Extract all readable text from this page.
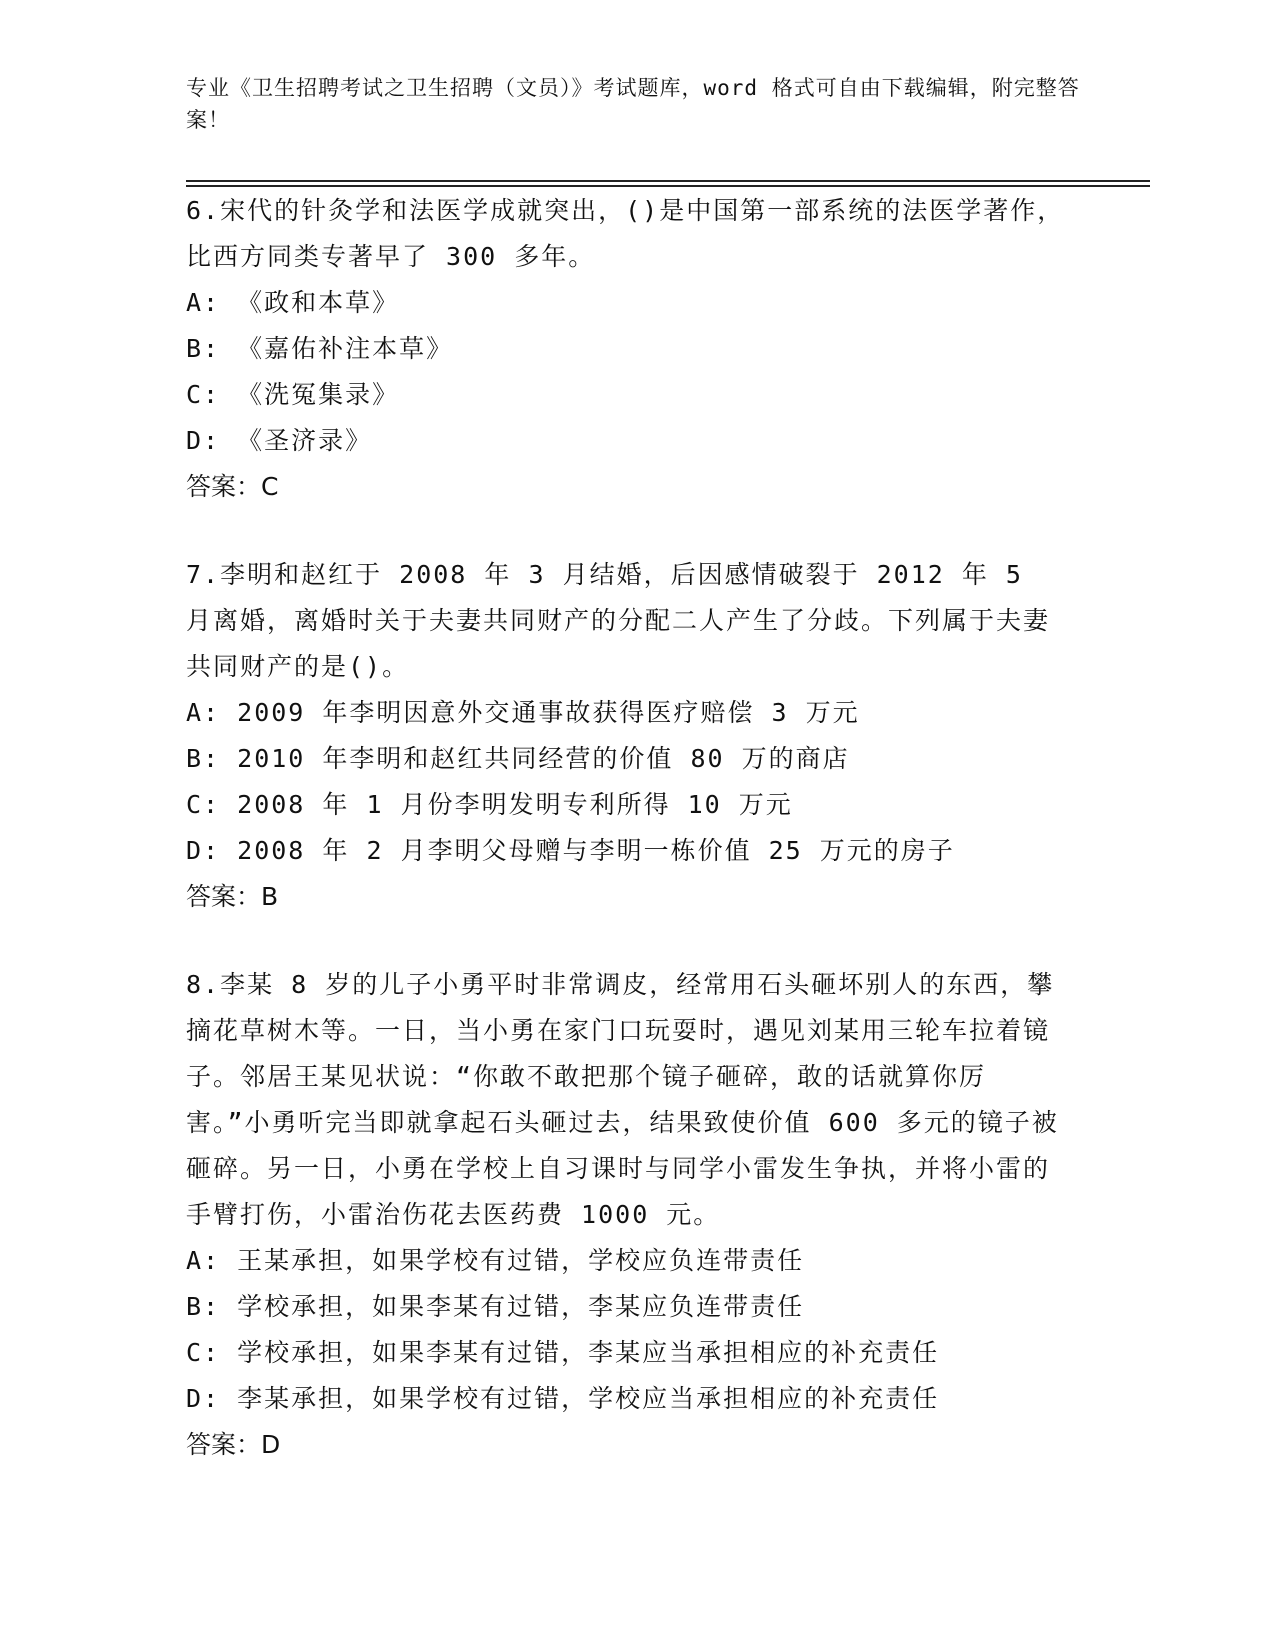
专业《卫生招聘考试之卫生招聘（文员）》考试题库，word 格式可自由下载编辑，附完整答案！
6.宋代的针灸学和法医学成就突出，()是中国第一部系统的法医学著作，比西方同类专著早了 300 多年。
A: 《政和本草》
B: 《嘉佑补注本草》
C: 《洗冤集录》
D: 《圣济录》
答案：C
7.李明和赵红于 2008 年 3 月结婚，后因感情破裂于 2012 年 5 月离婚，离婚时关于夫妻共同财产的分配二人产生了分歧。下列属于夫妻共同财产的是()。
A: 2009 年李明因意外交通事故获得医疗赔偿 3 万元
B: 2010 年李明和赵红共同经营的价值 80 万的商店
C: 2008 年 1 月份李明发明专利所得 10 万元
D: 2008 年 2 月李明父母赠与李明一栋价值 25 万元的房子
答案：B
8.李某 8 岁的儿子小勇平时非常调皮，经常用石头砸坏别人的东西，攀摘花草树木等。一日，当小勇在家门口玩耍时，遇见刘某用三轮车拉着镜子。邻居王某见状说：“你敢不敢把那个镜子砸碎，敢的话就算你厉害。”小勇听完当即就拿起石头砸过去，结果致使价值 600 多元的镜子被砸碎。另一日，小勇在学校上自习课时与同学小雷发生争执，并将小雷的手臂打伤，小雷治伤花去医药费 1000 元。
A: 王某承担，如果学校有过错，学校应负连带责任
B: 学校承担，如果李某有过错，李某应负连带责任
C: 学校承担，如果李某有过错，李某应当承担相应的补充责任
D: 李某承担，如果学校有过错，学校应当承担相应的补充责任
答案：D
